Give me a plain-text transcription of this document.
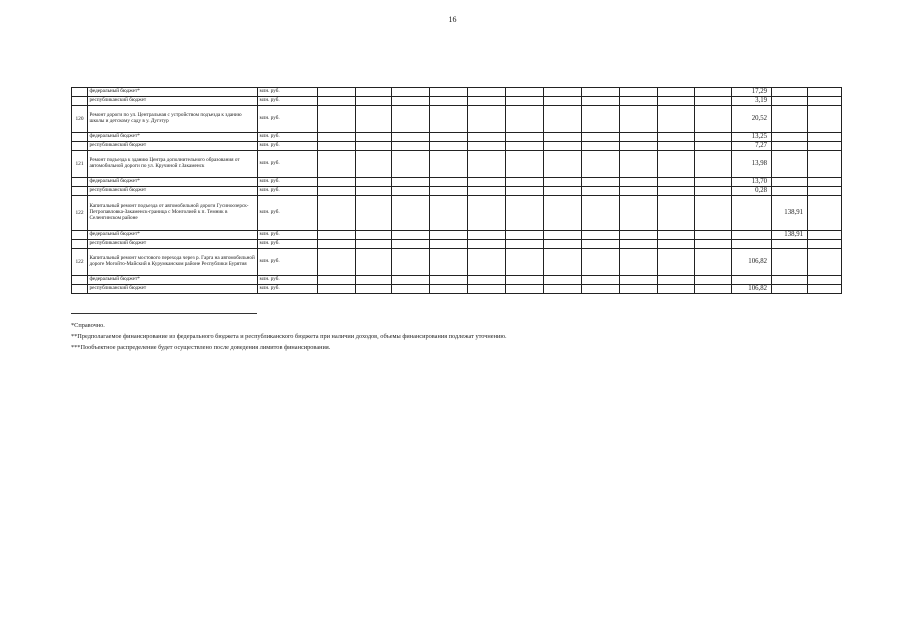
16
	федеральный бюджет*	млн. руб.												17,29		
	республиканский бюджет	млн. руб.												3,19		
120	Ремонт дороги по ул. Центральная с устройством подъезда к зданию школы и детскому саду в у. Дугэтур	млн. руб.												20,52		
	федеральный бюджет*	млн. руб.												13,25		
	республиканский бюджет	млн. руб.												7,27		
121	Ремонт подъезда к зданию Центра дополнительного образования от автомобильной дороги по ул. Кручиной г.Закаменск	млн. руб.												13,98		
	федеральный бюджет*	млн. руб.												13,70		
	республиканский бюджет	млн. руб.												0,28		
122	Капитальный ремонт подъезда от автомобильной дороги Гусиноозерск-Петропавловка-Закаменск-граница с Монголией к п. Темник в Селенгинском районе	млн. руб.													138,91	
	федеральный бюджет*	млн. руб.													138,91	
	республиканский бюджет	млн. руб.														
122	Капитальный ремонт мостового перехода через р. Гарга на автомобильной дороге Могойто-Майский в Курумканском районе Республики Бурятия	млн. руб.												106,82		
	федеральный бюджет*	млн. руб.														
	республиканский бюджет	млн. руб.												106,82		
*Справочно.
**Предполагаемое финансирование из федерального бюджета и республиканского бюджета при наличии доходов, объемы финансирования подлежат уточнению.
***Пообъектное распределение будет осуществлено после доведения лимитов финансирования.
